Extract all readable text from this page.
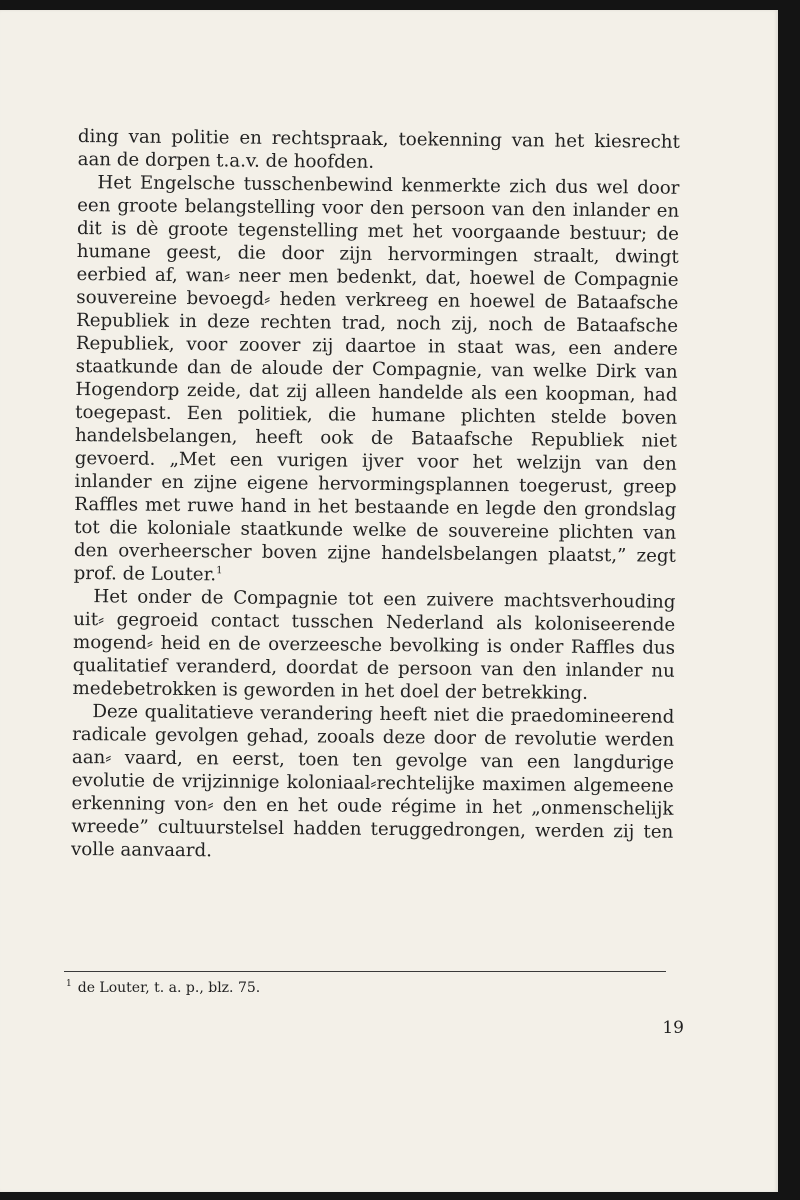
ding van politie en rechtspraak, toekenning van het kiesrecht aan de dorpen t.a.v. de hoofden.

Het Engelsche tusschenbewind kenmerkte zich dus wel door een groote belangstelling voor den persoon van den inlander en dit is dè groote tegenstelling met het voorgaande bestuur; de humane geest, die door zijn hervormingen straalt, dwingt eerbied af, wan⸗ neer men bedenkt, dat, hoewel de Compagnie souvereine bevoegd⸗ heden verkreeg en hoewel de Bataafsche Republiek in deze rechten trad, noch zij, noch de Bataafsche Republiek, voor zoover zij daartoe in staat was, een andere staatkunde dan de aloude der Compagnie, van welke Dirk van Hogendorp zeide, dat zij alleen handelde als een koopman, had toegepast. Een politiek, die humane plichten stelde boven handelsbelangen, heeft ook de Bataafsche Republiek niet gevoerd. „Met een vurigen ijver voor het welzijn van den inlander en zijne eigene hervormingsplannen toegerust, greep Raffles met ruwe hand in het bestaande en legde den grondslag tot die koloniale staatkunde welke de souvereine plichten van den overheerscher boven zijne handelsbelangen plaatst,” zegt prof. de Louter.$^1$

Het onder de Compagnie tot een zuivere machtsverhouding uit⸗ gegroeid contact tusschen Nederland als koloniseerende mogend⸗ heid en de overzeesche bevolking is onder Raffles dus qualitatief veranderd, doordat de persoon van den inlander nu medebetrokken is geworden in het doel der betrekking.

Deze qualitatieve verandering heeft niet die praedomineerend radicale gevolgen gehad, zooals deze door de revolutie werden aan⸗ vaard, en eerst, toen ten gevolge van een langdurige evolutie de vrijzinnige koloniaal⸗rechtelijke maximen algemeene erkenning von⸗ den en het oude régime in het „onmenschelijk wreede” cultuurstelsel hadden teruggedrongen, werden zij ten volle aanvaard.

$^1$ de Louter, t. a. p., blz. 75.
19
